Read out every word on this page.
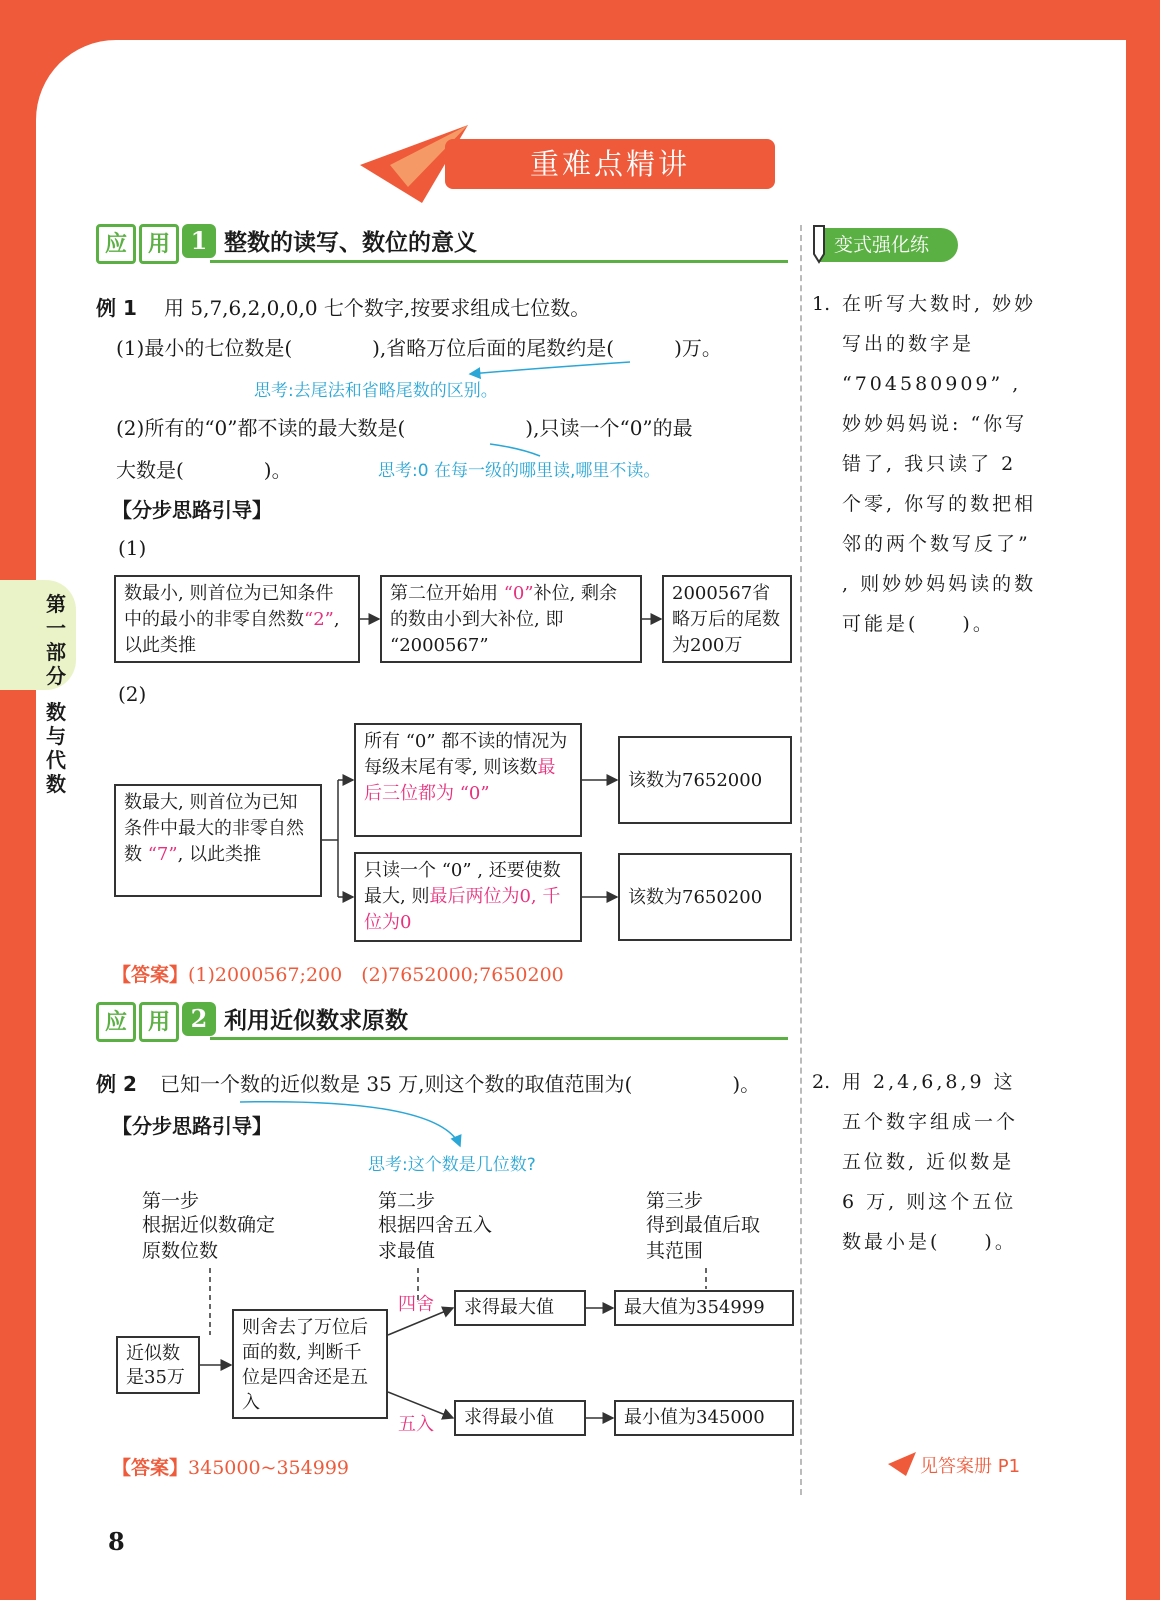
重难点精讲
第一部分
数与代数
应 用 1 整数的读写、数位的意义
例 1 用 5,7,6,2,0,0,0 七个数字,按要求组成七位数。
(1)最小的七位数是(　　　　),省略万位后面的尾数约是(　　　)万。
思考:去尾法和省略尾数的区别。
(2)所有的“0”都不读的最大数是(　　　　　　),只读一个“0”的最
大数是(　　　　)。	思考:0 在每一级的哪里读,哪里不读。
【分步思路引导】
(1)
数最小, 则首位为已知条件中的最小的非零自然数“2”, 以此类推
第二位开始用 “0”补位, 剩余的数由小到大补位, 即 “2000567”
2000567省略万后的尾数为200万
(2)
数最大, 则首位为已知条件中最大的非零自然数 “7”, 以此类推
所有 “0” 都不读的情况为每级末尾有零, 则该数最后三位都为 “0”
只读一个 “0” , 还要使数最大, 则最后两位为0, 千位为0
该数为7652000
该数为7650200
【答案】(1)2000567;200　(2)7652000;7650200
应 用 2 利用近似数求原数
例 2 已知一个数的近似数是 35 万,则这个数的取值范围为(　　　　　)。
【分步思路引导】
思考:这个数是几位数?
第一步
根据近似数确定原数位数
第二步
根据四舍五入求最值
第三步
得到最值后取其范围
近似数是35万
则舍去了万位后面的数, 判断千位是四舍还是五入
四舍
五入
求得最大值
求得最小值
最大值为354999
最小值为345000
【答案】345000~354999
变式强化练
1. 在听写大数时, 妙妙写出的数字是 “704580909” , 妙妙妈妈说: “你写错了, 我只读了 2 个零, 你写的数把相邻的两个数写反了” , 则妙妙妈妈读的数可能是(　　)。
2. 用 2,4,6,8,9 这五个数字组成一个五位数, 近似数是 6 万, 则这个五位数最小是(　　)。
见答案册 P1
8
